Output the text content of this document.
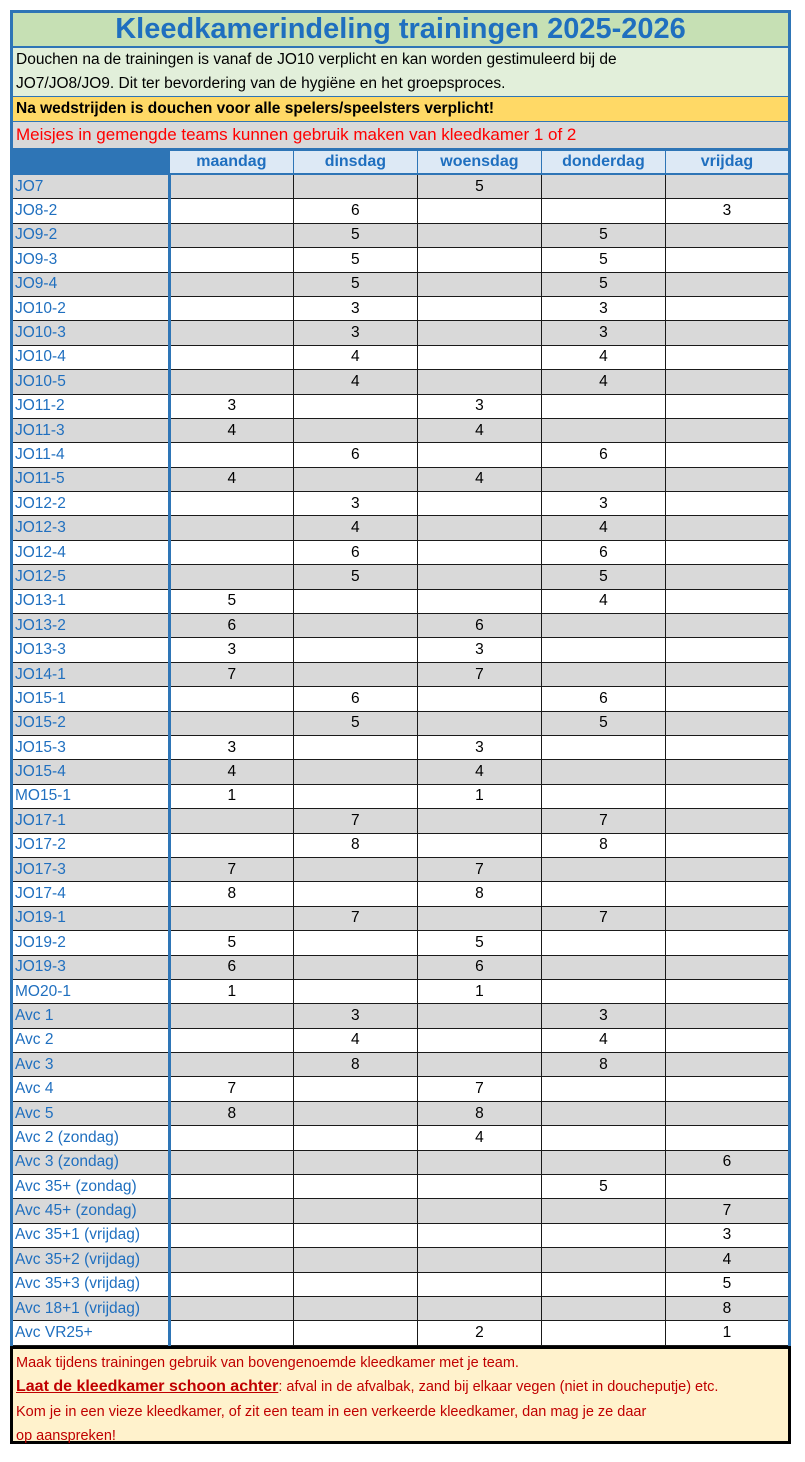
Kleedkamerindeling trainingen 2025-2026
Douchen na de trainingen is vanaf de JO10 verplicht en kan worden gestimuleerd bij de
JO7/JO8/JO9. Dit ter bevordering van de hygiëne en het groepsproces.
Na wedstrijden is douchen voor alle spelers/speelsters verplicht!
Meisjes in gemengde teams kunnen gebruik maken van kleedkamer 1 of 2
	maandag	dinsdag	woensdag	donderdag	vrijdag
JO7			5		
JO8-2		6			3
JO9-2		5		5	
JO9-3		5		5	
JO9-4		5		5	
JO10-2		3		3	
JO10-3		3		3	
JO10-4		4		4	
JO10-5		4		4	
JO11-2	3		3		
JO11-3	4		4		
JO11-4		6		6	
JO11-5	4		4		
JO12-2		3		3	
JO12-3		4		4	
JO12-4		6		6	
JO12-5		5		5	
JO13-1	5			4	
JO13-2	6		6		
JO13-3	3		3		
JO14-1	7		7		
JO15-1		6		6	
JO15-2		5		5	
JO15-3	3		3		
JO15-4	4		4		
MO15-1	1		1		
JO17-1		7		7	
JO17-2		8		8	
JO17-3	7		7		
JO17-4	8		8		
JO19-1		7		7	
JO19-2	5		5		
JO19-3	6		6		
MO20-1	1		1		
Avc 1		3		3	
Avc 2		4		4	
Avc 3		8		8	
Avc 4	7		7		
Avc 5	8		8		
Avc 2 (zondag)			4		
Avc 3 (zondag)					6
Avc 35+ (zondag)				5	
Avc 45+ (zondag)					7
Avc 35+1 (vrijdag)					3
Avc 35+2 (vrijdag)					4
Avc 35+3 (vrijdag)					5
Avc 18+1 (vrijdag)					8
Avc VR25+			2		1
Maak tijdens trainingen gebruik van bovengenoemde kleedkamer met je team.
Laat de kleedkamer schoon achter: afval in de afvalbak, zand bij elkaar vegen (niet in doucheputje) etc.
Kom je in een vieze kleedkamer, of zit een team in een verkeerde kleedkamer, dan mag je ze daar
op aanspreken!
